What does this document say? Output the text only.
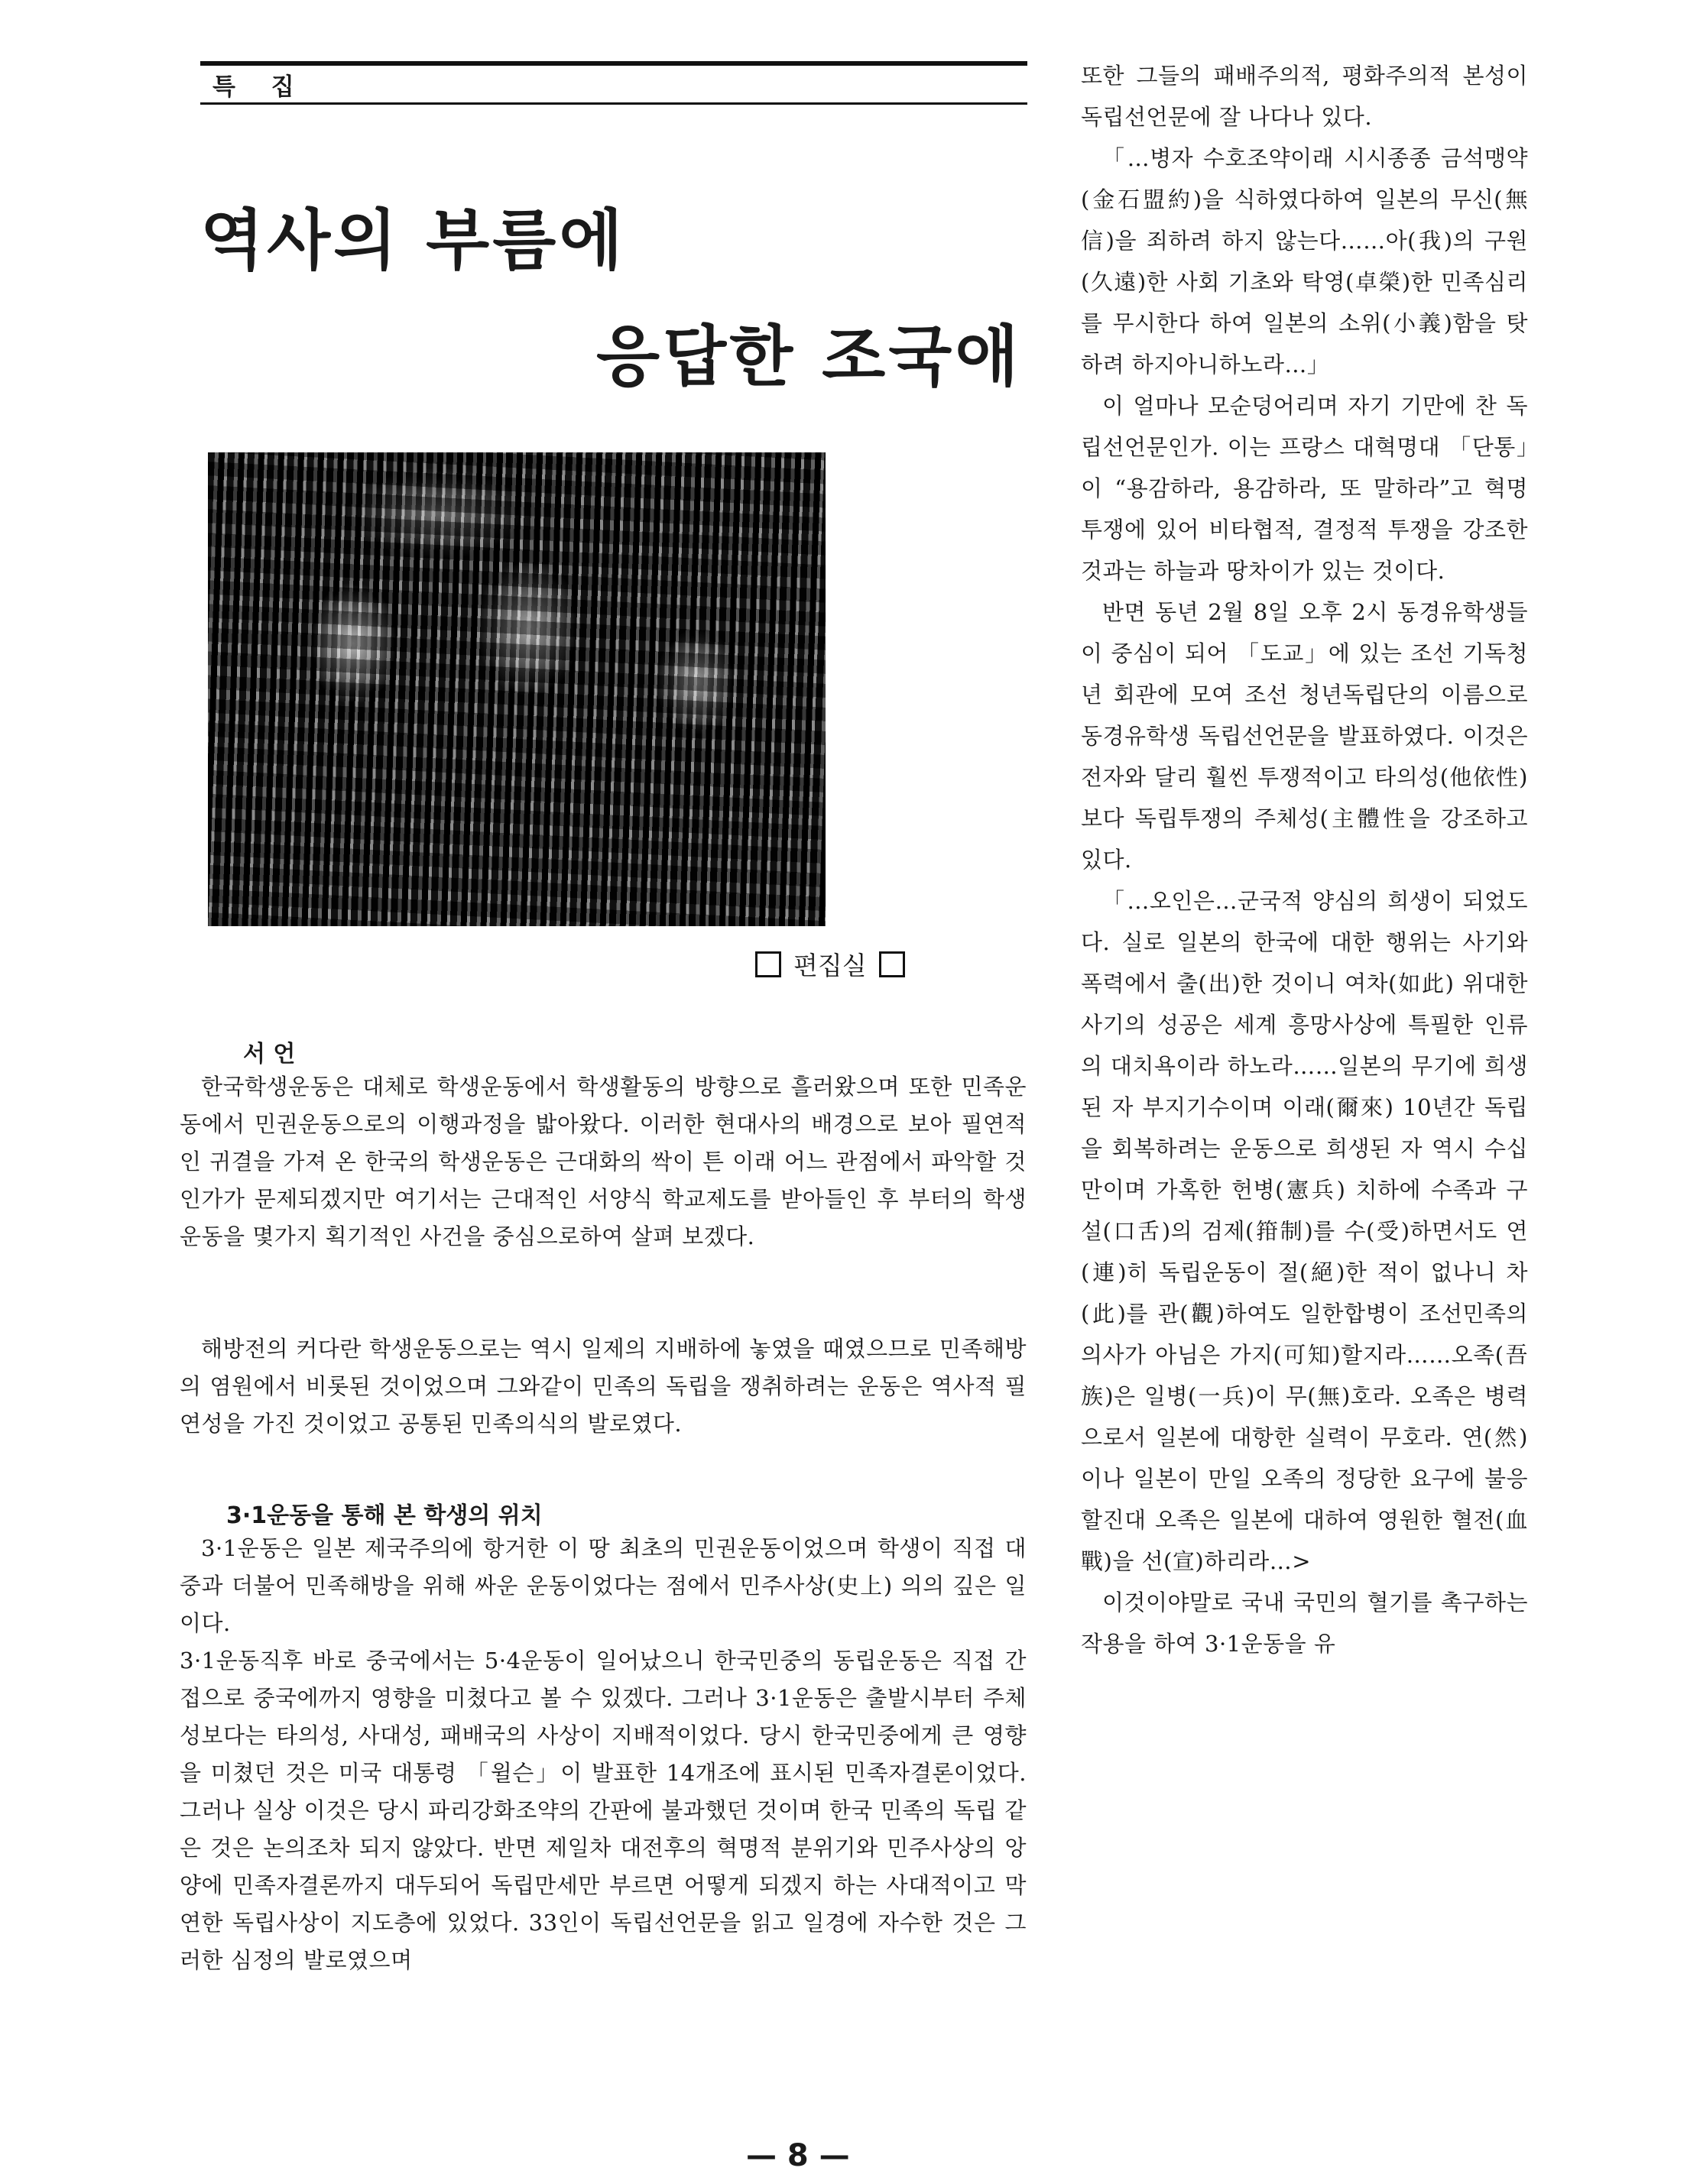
특 집
역사의 부름에
응답한 조국애
편집실
서 언
한국학생운동은 대체로 학생운동에서 학생활동의 방향으로 흘러왔으며 또한 민족운동에서 민권운동으로의 이행과정을 밟아왔다. 이러한 현대사의 배경으로 보아 필연적인 귀결을 가져 온 한국의 학생운동은 근대화의 싹이 튼 이래 어느 관점에서 파악할 것인가가 문제되겠지만 여기서는 근대적인 서양식 학교제도를 받아들인 후 부터의 학생운동을 몇가지 획기적인 사건을 중심으로하여 살펴 보겠다.
해방전의 커다란 학생운동으로는 역시 일제의 지배하에 놓였을 때였으므로 민족해방의 염원에서 비롯된 것이었으며 그와같이 민족의 독립을 쟁취하려는 운동은 역사적 필연성을 가진 것이었고 공통된 민족의식의 발로였다.
3·1운동을 통해 본 학생의 위치
3·1운동은 일본 제국주의에 항거한 이 땅 최초의 민권운동이었으며 학생이 직접 대중과 더불어 민족해방을 위해 싸운 운동이었다는 점에서 민주사상(史上) 의의 깊은 일이다.
3·1운동직후 바로 중국에서는 5·4운동이 일어났으니 한국민중의 동립운동은 직접 간접으로 중국에까지 영향을 미쳤다고 볼 수 있겠다. 그러나 3·1운동은 출발시부터 주체성보다는 타의성, 사대성, 패배국의 사상이 지배적이었다. 당시 한국민중에게 큰 영향을 미쳤던 것은 미국 대통령 「윌슨」이 발표한 14개조에 표시된 민족자결론이었다. 그러나 실상 이것은 당시 파리강화조약의 간판에 불과했던 것이며 한국 민족의 독립 같은 것은 논의조차 되지 않았다. 반면 제일차 대전후의 혁명적 분위기와 민주사상의 앙양에 민족자결론까지 대두되어 독립만세만 부르면 어떻게 되겠지 하는 사대적이고 막연한 독립사상이 지도층에 있었다. 33인이 독립선언문을 읽고 일경에 자수한 것은 그러한 심정의 발로였으며

또한 그들의 패배주의적, 평화주의적 본성이 독립선언문에 잘 나다나 있다.

「…병자 수호조약이래 시시종종 금석맹약(金石盟約)을 식하였다하여 일본의 무신(無信)을 죄하려 하지 않는다……아(我)의 구원(久遠)한 사회 기초와 탁영(卓榮)한 민족심리를 무시한다 하여 일본의 소위(小義)함을 탓하려 하지아니하노라…」

이 얼마나 모순덩어리며 자기 기만에 찬 독립선언문인가. 이는 프랑스 대혁명대 「단통」이 “용감하라, 용감하라, 또 말하라”고 혁명 투쟁에 있어 비타협적, 결정적 투쟁을 강조한 것과는 하늘과 땅차이가 있는 것이다.

반면 동년 2월 8일 오후 2시 동경유학생들이 중심이 되어 「도교」에 있는 조선 기독청년 회관에 모여 조선 청년독립단의 이름으로 동경유학생 독립선언문을 발표하였다. 이것은 전자와 달리 훨씬 투쟁적이고 타의성(他依性)보다 독립투쟁의 주체성(主體性을 강조하고 있다.

「…오인은…군국적 양심의 희생이 되었도다. 실로 일본의 한국에 대한 행위는 사기와 폭력에서 출(出)한 것이니 여차(如此) 위대한 사기의 성공은 세계 흥망사상에 특필한 인류의 대치욕이라 하노라……일본의 무기에 희생된 자 부지기수이며 이래(爾來) 10년간 독립을 회복하려는 운동으로 희생된 자 역시 수십만이며 가혹한 헌병(憲兵) 치하에 수족과 구설(口舌)의 검제(箝制)를 수(受)하면서도 연(連)히 독립운동이 절(絕)한 적이 없나니 차(此)를 관(觀)하여도 일한합병이 조선민족의 의사가 아님은 가지(可知)할지라……오족(吾族)은 일병(一兵)이 무(無)호라. 오족은 병력으로서 일본에 대항한 실력이 무호라. 연(然)이나 일본이 만일 오족의 정당한 요구에 불응할진대 오족은 일본에 대하여 영원한 혈전(血戰)을 선(宣)하리라…>

이것이야말로 국내 국민의 혈기를 촉구하는 작용을 하여 3·1운동을 유

— 8 —
